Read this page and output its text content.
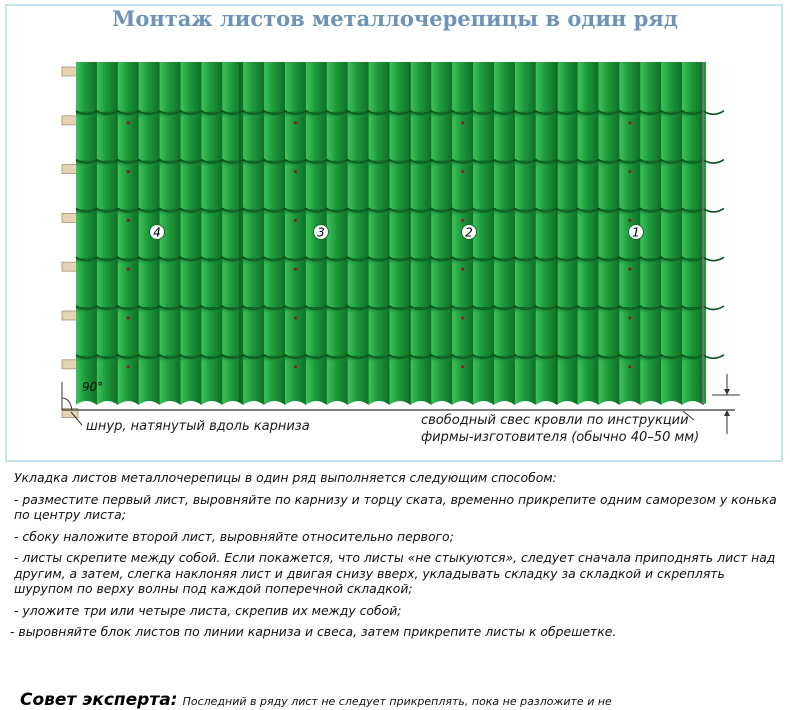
Монтаж листов металлочерепицы в один ряд
4	3	2	1
90°
шнур, натянутый вдоль карниза	свободный свес кровли по инструкции
фирмы-изготовителя (обычно 40–50 мм)

Укладка листов металлочерепицы в один ряд выполняется следующим способом:

- разместите первый лист, выровняйте по карнизу и торцу ската, временно прикрепите одним саморезом у конька по центру листа;

- сбоку наложите второй лист, выровняйте относительно первого;

- листы скрепите между собой. Если покажется, что листы «не стыкуются», следует сначала приподнять лист над другим, а затем, слегка наклоняя лист и двигая снизу вверх, укладывать складку за складкой и скреплять шурупом по верху волны под каждой поперечной складкой;

- уложите три или четыре листа, скрепив их между собой;

- выровняйте блок листов по линии карниза и свеса, затем прикрепите листы к обрешетке.

Совет эксперта: Последний в ряду лист не следует прикреплять, пока не разложите и не
